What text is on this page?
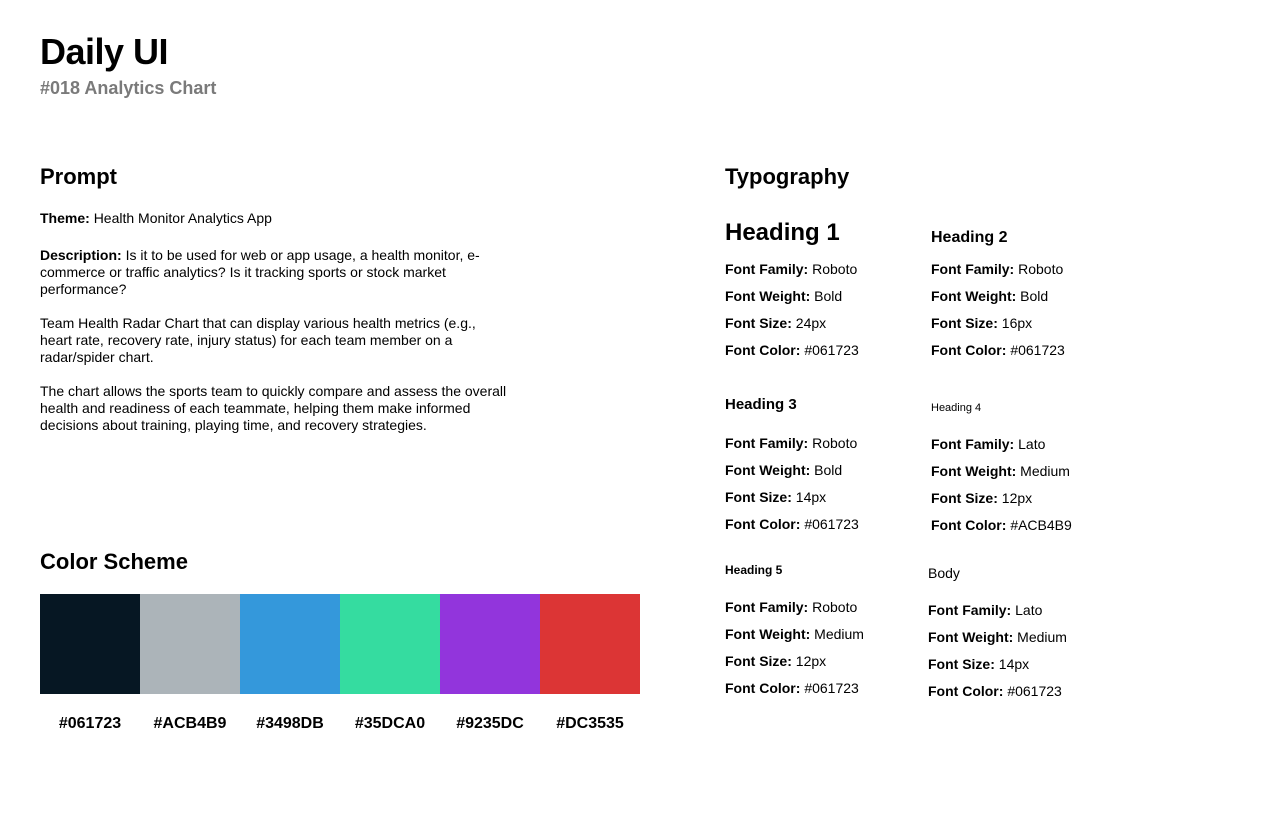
Daily UI
#018 Analytics Chart
Prompt
Theme: Health Monitor Analytics App
Description: Is it to be used for web or app usage, a health monitor, e-commerce or traffic analytics? Is it tracking sports or stock market performance?
Team Health Radar Chart that can display various health metrics (e.g., heart rate, recovery rate, injury status) for each team member on a radar/spider chart.
The chart allows the sports team to quickly compare and assess the overall health and readiness of each teammate, helping them make informed decisions about training, playing time, and recovery strategies.
Color Scheme
#061723 #ACB4B9 #3498DB #35DCA0 #9235DC #DC3535
Typography
Heading 1
Font Family: Roboto
Font Weight: Bold
Font Size: 24px
Font Color: #061723
Heading 2
Font Family: Roboto
Font Weight: Bold
Font Size: 16px
Font Color: #061723
Heading 3
Font Family: Roboto
Font Weight: Bold
Font Size: 14px
Font Color: #061723
Heading 4
Font Family: Lato
Font Weight: Medium
Font Size: 12px
Font Color: #ACB4B9
Heading 5
Font Family: Roboto
Font Weight: Medium
Font Size: 12px
Font Color: #061723
Body
Font Family: Lato
Font Weight: Medium
Font Size: 14px
Font Color: #061723
